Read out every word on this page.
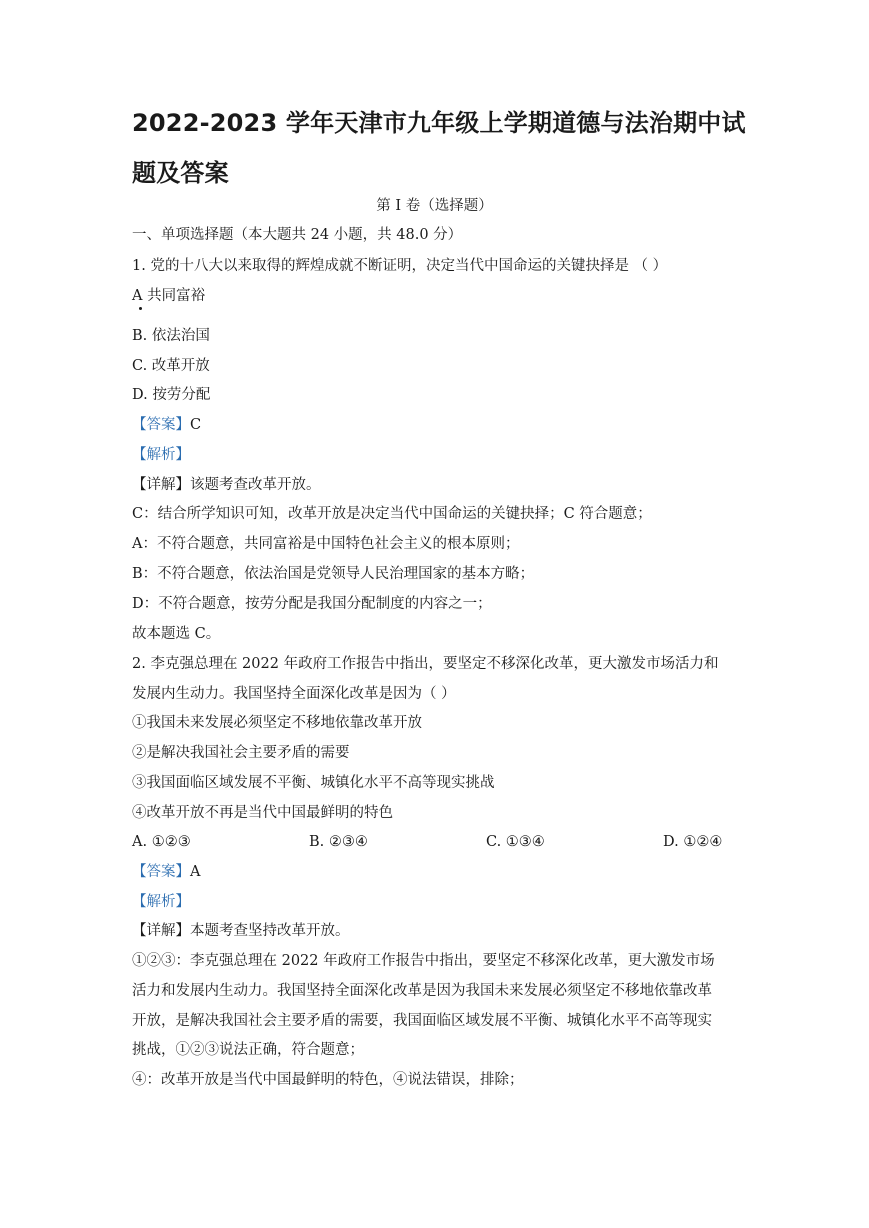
2022-2023 学年天津市九年级上学期道德与法治期中试题及答案
第 I 卷（选择题）
一、单项选择题（本大题共 24 小题，共 48.0 分）
1. 党的十八大以来取得的辉煌成就不断证明，决定当代中国命运的关键抉择是 （ ）
A 共同富裕
B. 依法治国
C. 改革开放
D. 按劳分配
【答案】C
【解析】
【详解】该题考查改革开放。
C：结合所学知识可知，改革开放是决定当代中国命运的关键抉择；C 符合题意；
A：不符合题意，共同富裕是中国特色社会主义的根本原则；
B：不符合题意，依法治国是党领导人民治理国家的基本方略；
D：不符合题意，按劳分配是我国分配制度的内容之一；
故本题选 C。
2. 李克强总理在 2022 年政府工作报告中指出，要坚定不移深化改革，更大激发市场活力和
发展内生动力。我国坚持全面深化改革是因为（ ）
①我国未来发展必须坚定不移地依靠改革开放
②是解决我国社会主要矛盾的需要
③我国面临区域发展不平衡、城镇化水平不高等现实挑战
④改革开放不再是当代中国最鲜明的特色
A. ①②③	B. ②③④	C. ①③④	D. ①②④
【答案】A
【解析】
【详解】本题考查坚持改革开放。
①②③：李克强总理在 2022 年政府工作报告中指出，要坚定不移深化改革，更大激发市场
活力和发展内生动力。我国坚持全面深化改革是因为我国未来发展必须坚定不移地依靠改革
开放，是解决我国社会主要矛盾的需要，我国面临区域发展不平衡、城镇化水平不高等现实
挑战，①②③说法正确，符合题意；
④：改革开放是当代中国最鲜明的特色，④说法错误，排除；
